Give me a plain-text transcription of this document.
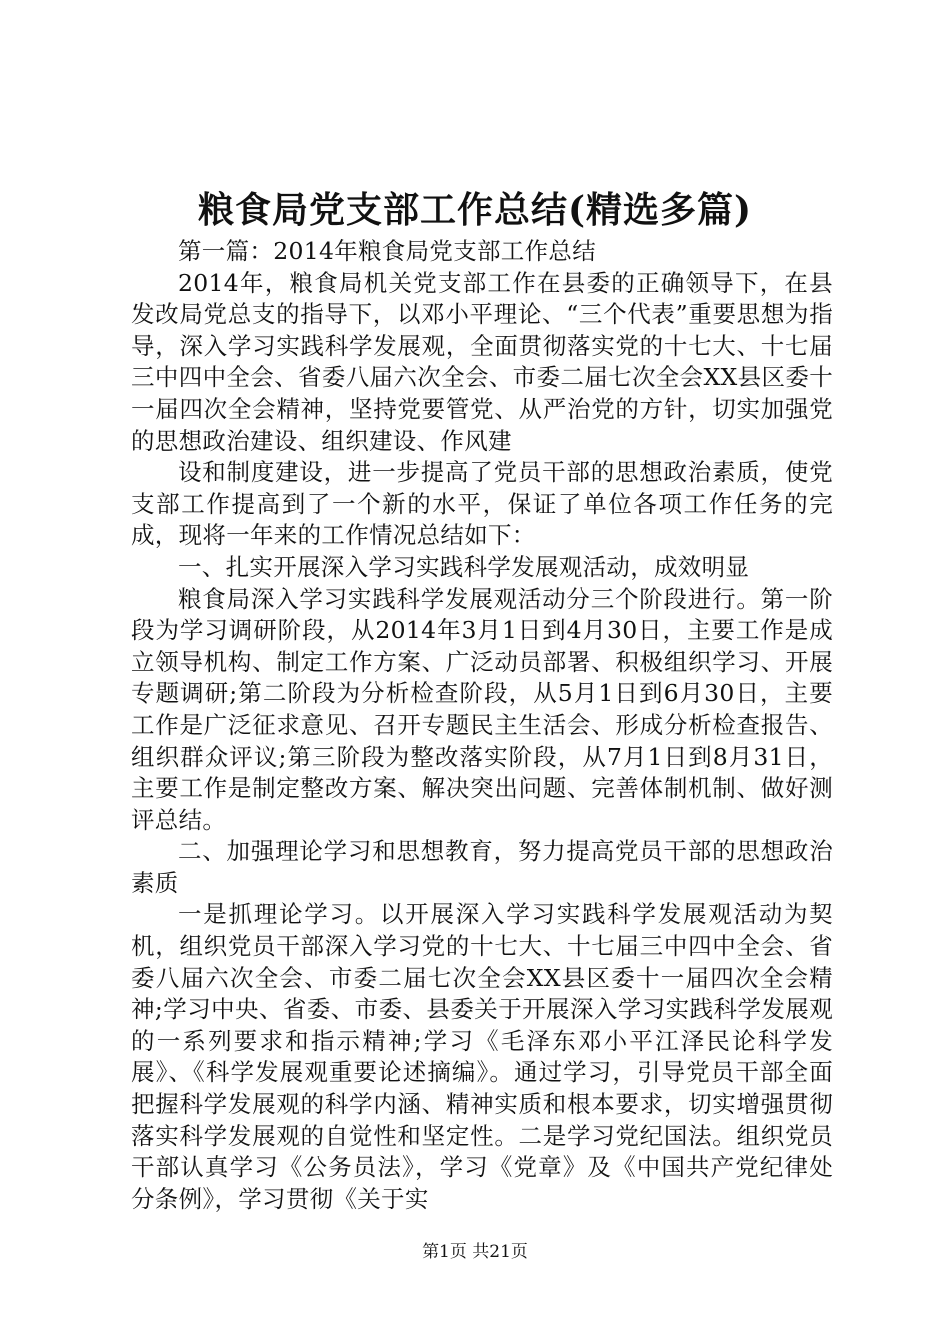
粮食局党支部工作总结(精选多篇)

第一篇：2014年粮食局党支部工作总结

2014年，粮食局机关党支部工作在县委的正确领导下，在县发改局党总支的指导下，以邓小平理论、“三个代表”重要思想为指导，深入学习实践科学发展观，全面贯彻落实党的十七大、十七届三中四中全会、省委八届六次全会、市委二届七次全会XX县区委十一届四次全会精神，坚持党要管党、从严治党的方针，切实加强党的思想政治建设、组织建设、作风建

设和制度建设，进一步提高了党员干部的思想政治素质，使党支部工作提高到了一个新的水平，保证了单位各项工作任务的完成，现将一年来的工作情况总结如下：

一、扎实开展深入学习实践科学发展观活动，成效明显

粮食局深入学习实践科学发展观活动分三个阶段进行。第一阶段为学习调研阶段，从2014年3月1日到4月30日，主要工作是成立领导机构、制定工作方案、广泛动员部署、积极组织学习、开展专题调研;第二阶段为分析检查阶段，从5月1日到6月30日，主要工作是广泛征求意见、召开专题民主生活会、形成分析检查报告、组织群众评议;第三阶段为整改落实阶段，从7月1日到8月31日，主要工作是制定整改方案、解决突出问题、完善体制机制、做好测评总结。

二、加强理论学习和思想教育，努力提高党员干部的思想政治素质

一是抓理论学习。以开展深入学习实践科学发展观活动为契机，组织党员干部深入学习党的十七大、十七届三中四中全会、省委八届六次全会、市委二届七次全会XX县区委十一届四次全会精神;学习中央、省委、市委、县委关于开展深入学习实践科学发展观的一系列要求和指示精神;学习《毛泽东邓小平江泽民论科学发展》、《科学发展观重要论述摘编》。通过学习，引导党员干部全面把握科学发展观的科学内涵、精神实质和根本要求，切实增强贯彻落实科学发展观的自觉性和坚定性。二是学习党纪国法。组织党员干部认真学习《公务员法》，学习《党章》及《中国共产党纪律处分条例》，学习贯彻《关于实

第1页 共21页
